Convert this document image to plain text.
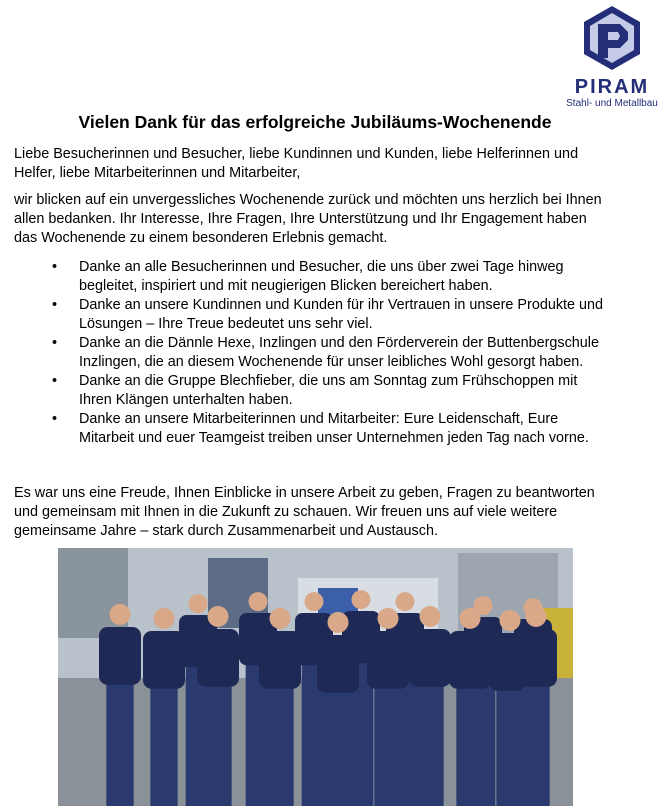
PIRAM
Stahl- und Metallbau
Vielen Dank für das erfolgreiche Jubiläums-Wochenende

Liebe Besucherinnen und Besucher, liebe Kundinnen und Kunden, liebe Helferinnen und
Helfer, liebe Mitarbeiterinnen und Mitarbeiter,

wir blicken auf ein unvergessliches Wochenende zurück und möchten uns herzlich bei Ihnen
allen bedanken. Ihr Interesse, Ihre Fragen, Ihre Unterstützung und Ihr Engagement haben
das Wochenende zu einem besonderen Erlebnis gemacht.

• Danke an alle Besucherinnen und Besucher, die uns über zwei Tage hinweg
begleitet, inspiriert und mit neugierigen Blicken bereichert haben.
• Danke an unsere Kundinnen und Kunden für ihr Vertrauen in unsere Produkte und
Lösungen – Ihre Treue bedeutet uns sehr viel.
• Danke an die Dännle Hexe, Inzlingen und den Förderverein der Buttenbergschule
Inzlingen, die an diesem Wochenende für unser leibliches Wohl gesorgt haben.
• Danke an die Gruppe Blechfieber, die uns am Sonntag zum Frühschoppen mit
Ihren Klängen unterhalten haben.
• Danke an unsere Mitarbeiterinnen und Mitarbeiter: Eure Leidenschaft, Eure
Mitarbeit und euer Teamgeist treiben unser Unternehmen jeden Tag nach vorne.

Es war uns eine Freude, Ihnen Einblicke in unsere Arbeit zu geben, Fragen zu beantworten
und gemeinsam mit Ihnen in die Zukunft zu schauen. Wir freuen uns auf viele weitere
gemeinsame Jahre – stark durch Zusammenarbeit und Austausch.
